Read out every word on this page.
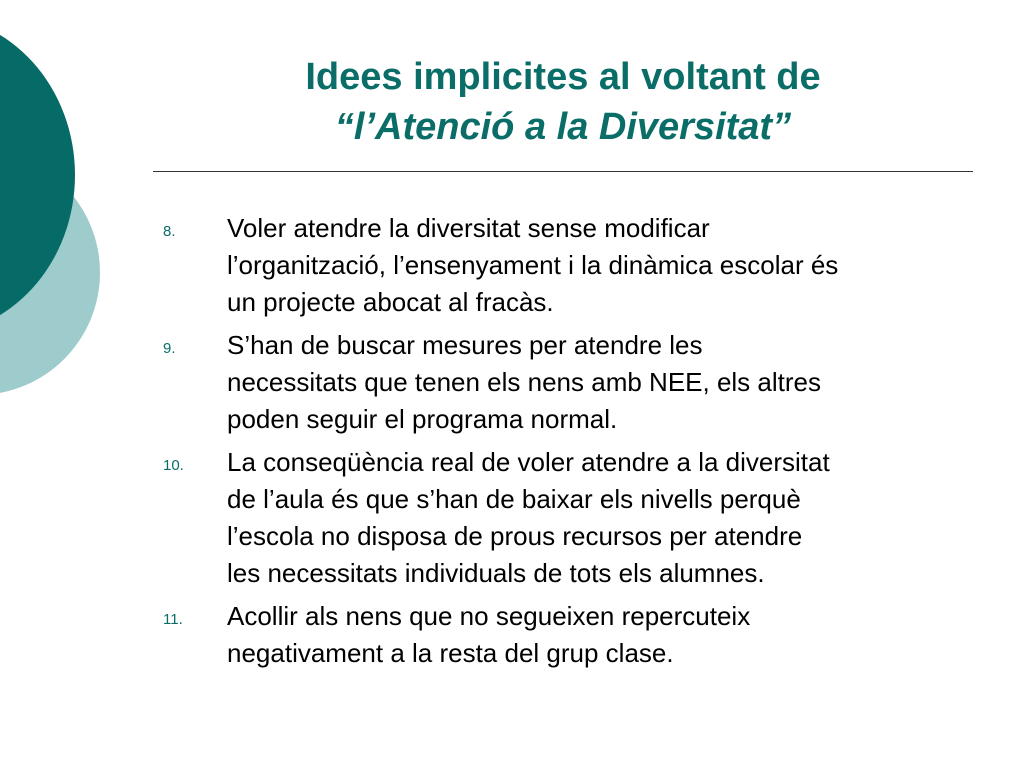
Idees implicites al voltant de
“l’Atenció a la Diversitat”
8. Voler atendre la diversitat sense modificar
l’organització, l’ensenyament i la dinàmica escolar és
un projecte abocat al fracàs.
9. S’han de buscar mesures per atendre les
necessitats que tenen els nens amb NEE, els altres
poden seguir el programa normal.
10. La conseqüència real de voler atendre a la diversitat
de l’aula és que s’han de baixar els nivells perquè
l’escola no disposa de prous recursos per atendre
les necessitats individuals de tots els alumnes.
11. Acollir als nens que no segueixen repercuteix
negativament a la resta del grup clase.
